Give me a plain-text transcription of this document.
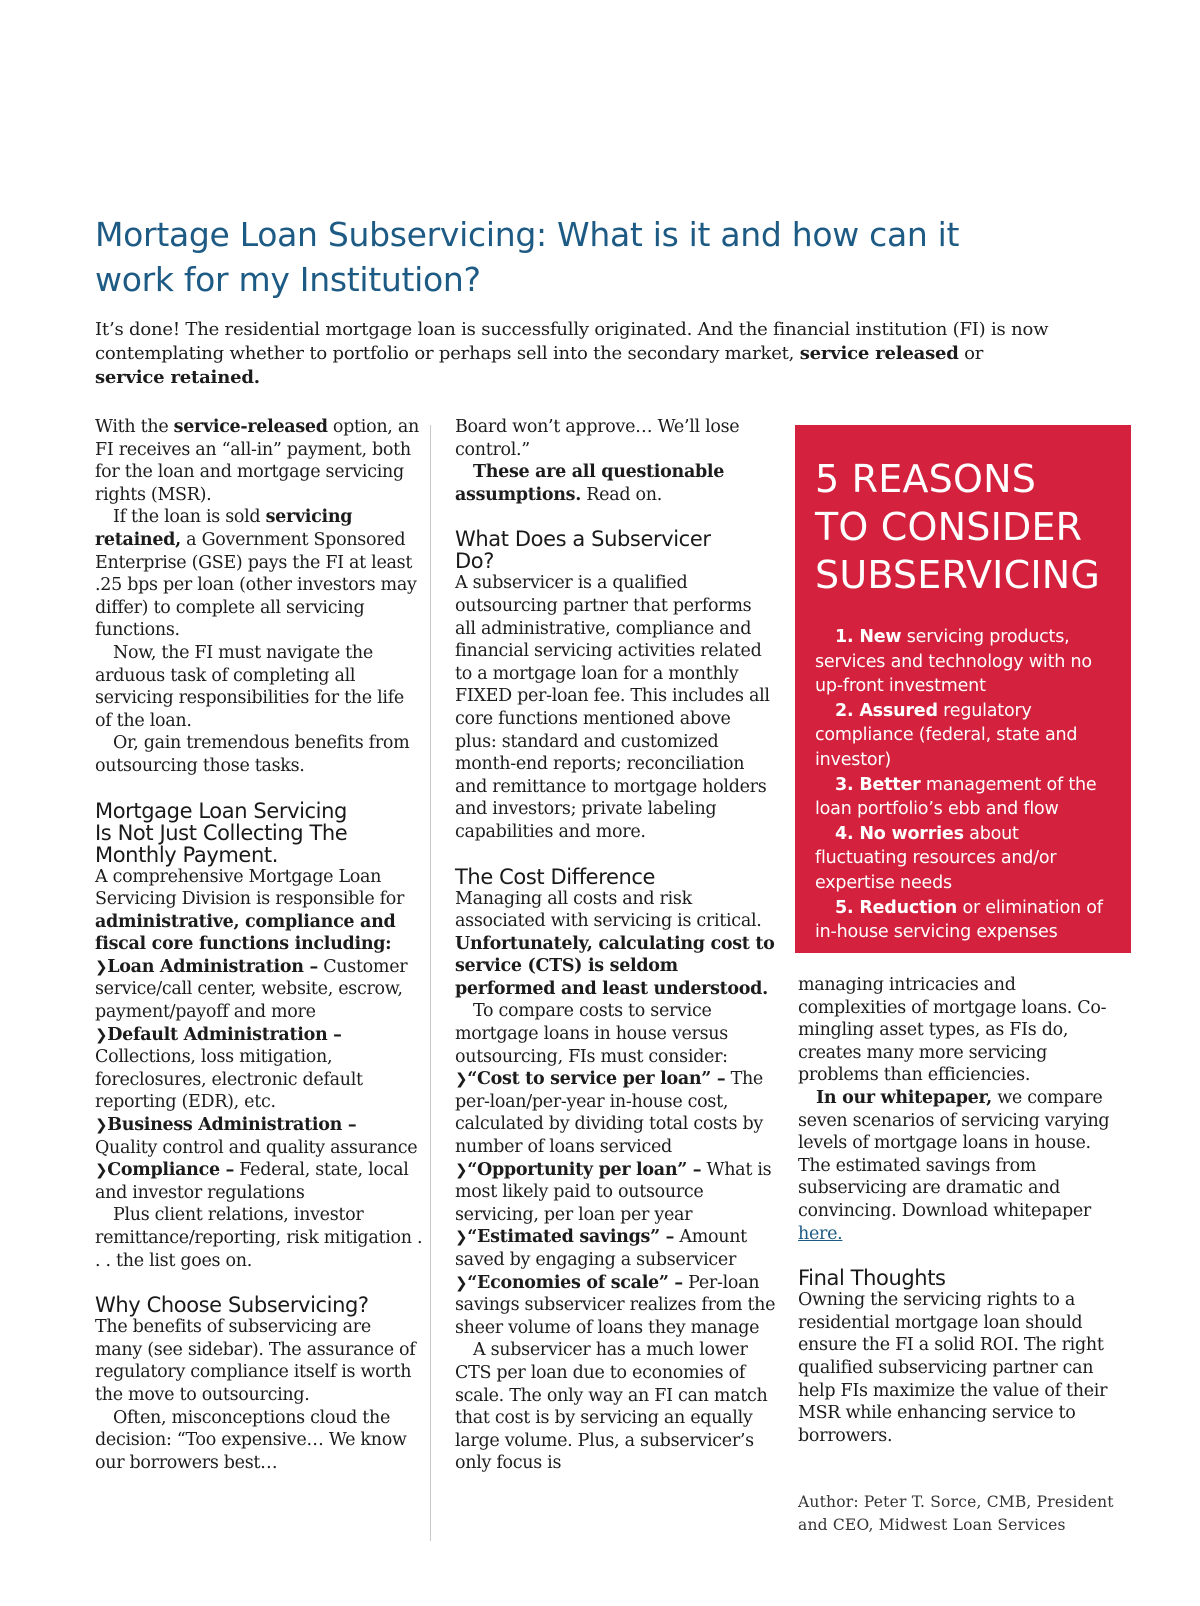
Mortage Loan Subservicing: What is it and how can it
work for my Institution?

It’s done! The residential mortgage loan is successfully originated. And the financial institution (FI) is now contemplating whether to portfolio or perhaps sell into the secondary market, service released or service retained.

With the service-released option, an FI receives an “all-in” payment, both for the loan and mortgage servicing rights (MSR).

If the loan is sold servicing retained, a Government Sponsored Enterprise (GSE) pays the FI at least .25 bps per loan (other investors may differ) to complete all servicing functions.

Now, the FI must navigate the arduous task of completing all servicing responsibilities for the life of the loan.

Or, gain tremendous benefits from outsourcing those tasks.

Mortgage Loan Servicing
Is Not Just Collecting The
Monthly Payment.

A comprehensive Mortgage Loan Servicing Division is responsible for administrative, compliance and fiscal core functions including:

❯Loan Administration – Customer service/call center, website, escrow, payment/payoff and more

❯Default Administration – Collections, loss mitigation, foreclosures, electronic default reporting (EDR), etc.

❯Business Administration – Quality control and quality assurance

❯Compliance – Federal, state, local and investor regulations

Plus client relations, investor remittance/reporting, risk mitigation . . . the list goes on.

Why Choose Subservicing?

The benefits of subservicing are many (see sidebar). The assurance of regulatory compliance itself is worth the move to outsourcing.

Often, misconceptions cloud the decision: “Too expensive… We know our borrowers best…

Board won’t approve… We’ll lose control.”

These are all questionable assumptions. Read on.

What Does a Subservicer
Do?

A subservicer is a qualified outsourcing partner that performs all administrative, compliance and financial servicing activities related to a mortgage loan for a monthly FIXED per-loan fee. This includes all core functions mentioned above plus: standard and customized month-end reports; reconciliation and remittance to mortgage holders and investors; private labeling capabilities and more.

The Cost Difference

Managing all costs and risk associated with servicing is critical. Unfortunately, calculating cost to service (CTS) is seldom performed and least understood.

To compare costs to service mortgage loans in house versus outsourcing, FIs must consider:

❯“Cost to service per loan” – The per-loan/per-year in-house cost, calculated by dividing total costs by number of loans serviced

❯“Opportunity per loan” – What is most likely paid to outsource servicing, per loan per year

❯“Estimated savings” – Amount saved by engaging a subservicer

❯“Economies of scale” – Per-loan savings subservicer realizes from the sheer volume of loans they manage

A subservicer has a much lower CTS per loan due to economies of scale. The only way an FI can match that cost is by servicing an equally large volume. Plus, a subservicer’s only focus is

5 REASONS
TO CONSIDER
SUBSERVICING

1. New servicing products, services and technology with no up-front investment

2. Assured regulatory compliance (federal, state and investor)

3. Better management of the loan portfolio’s ebb and flow

4. No worries about fluctuating resources and/or expertise needs

5. Reduction or elimination of in-house servicing expenses

managing intricacies and complexities of mortgage loans. Co-mingling asset types, as FIs do, creates many more servicing problems than efficiencies.

In our whitepaper, we compare seven scenarios of servicing varying levels of mortgage loans in house. The estimated savings from subservicing are dramatic and convincing. Download whitepaper here.

Final Thoughts

Owning the servicing rights to a residential mortgage loan should ensure the FI a solid ROI. The right qualified subservicing partner can help FIs maximize the value of their MSR while enhancing service to borrowers.

Author: Peter T. Sorce, CMB, President and CEO, Midwest Loan Services
